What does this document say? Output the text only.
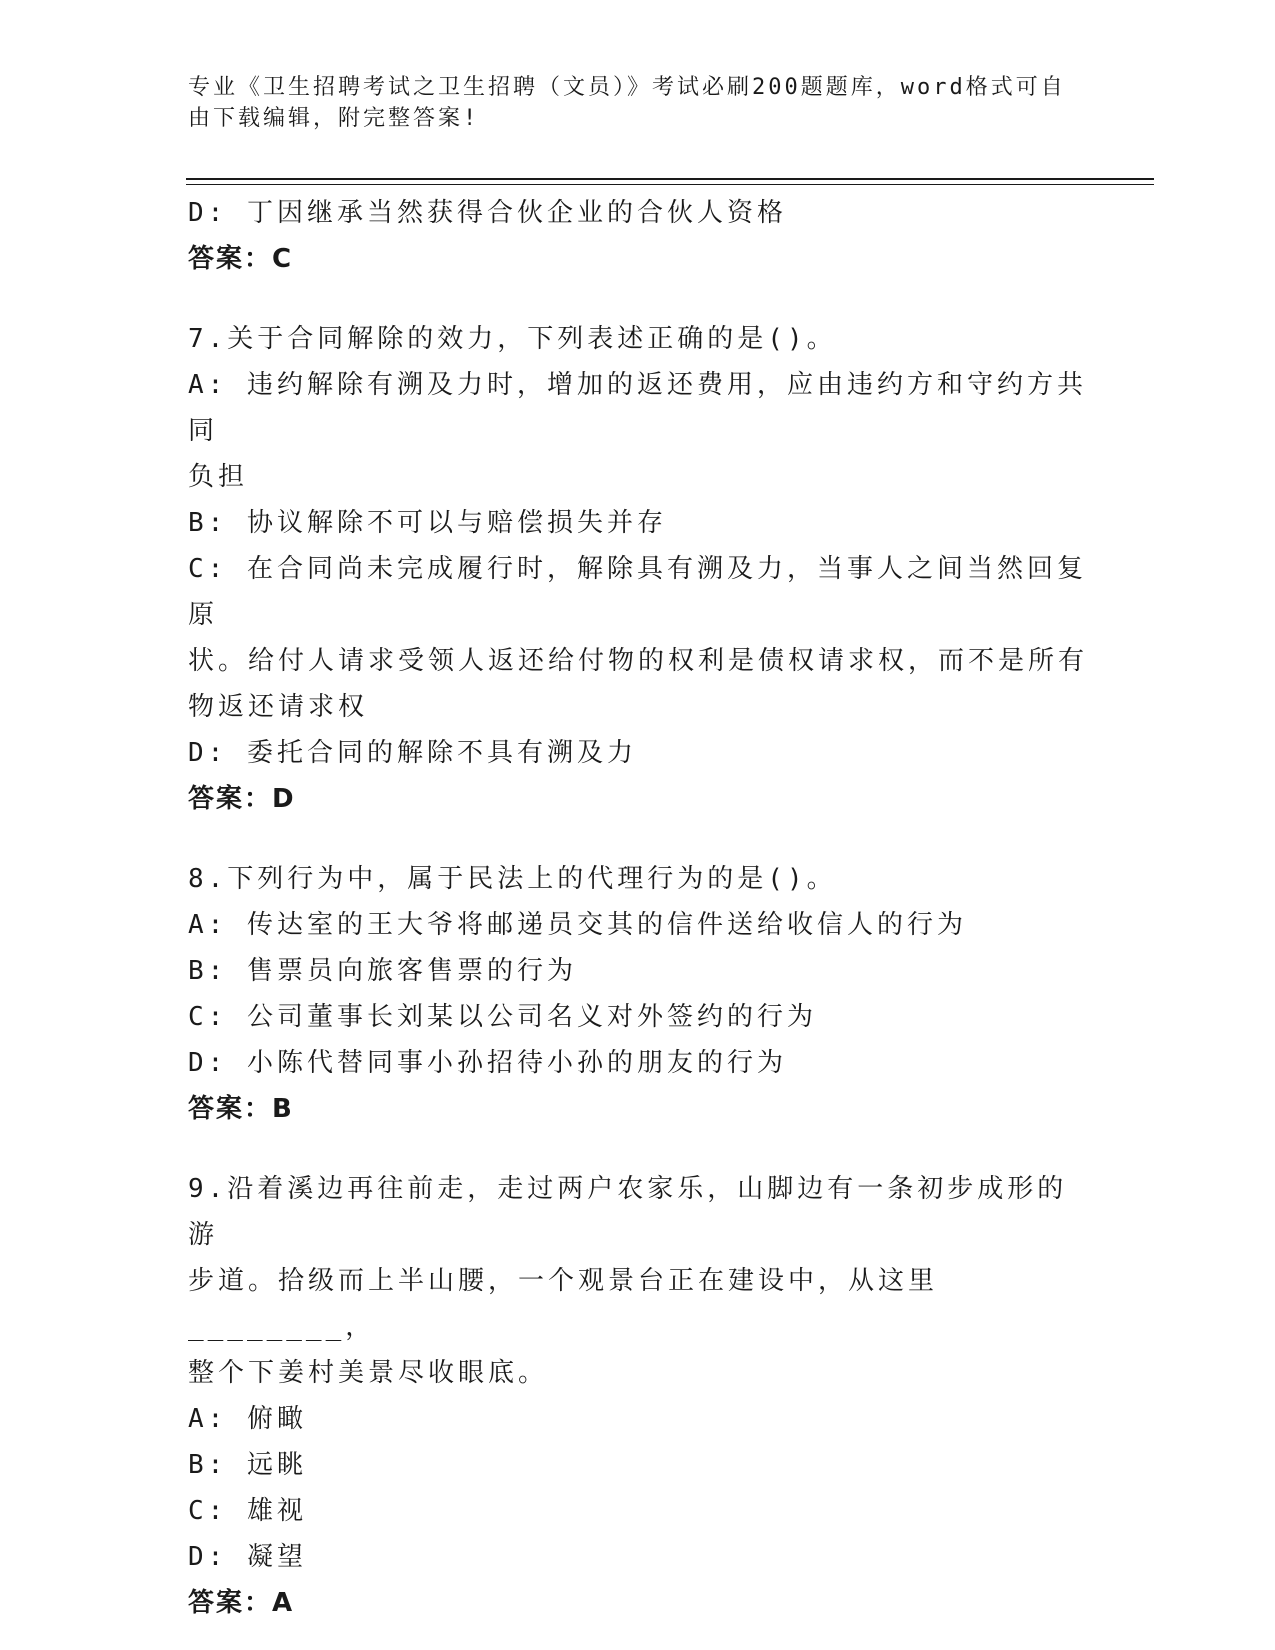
专业《卫生招聘考试之卫生招聘（文员）》考试必刷200题题库，word格式可自
由下载编辑，附完整答案!
D: 丁因继承当然获得合伙企业的合伙人资格
答案：C
7.关于合同解除的效力，下列表述正确的是()。
A: 违约解除有溯及力时，增加的返还费用，应由违约方和守约方共同
负担
B: 协议解除不可以与赔偿损失并存
C: 在合同尚未完成履行时，解除具有溯及力，当事人之间当然回复原
状。给付人请求受领人返还给付物的权利是债权请求权，而不是所有
物返还请求权
D: 委托合同的解除不具有溯及力
答案：D
8.下列行为中，属于民法上的代理行为的是()。
A: 传达室的王大爷将邮递员交其的信件送给收信人的行为
B: 售票员向旅客售票的行为
C: 公司董事长刘某以公司名义对外签约的行为
D: 小陈代替同事小孙招待小孙的朋友的行为
答案：B
9.沿着溪边再往前走，走过两户农家乐，山脚边有一条初步成形的游
步道。拾级而上半山腰，一个观景台正在建设中，从这里________，
整个下姜村美景尽收眼底。
A: 俯瞰
B: 远眺
C: 雄视
D: 凝望
答案：A
